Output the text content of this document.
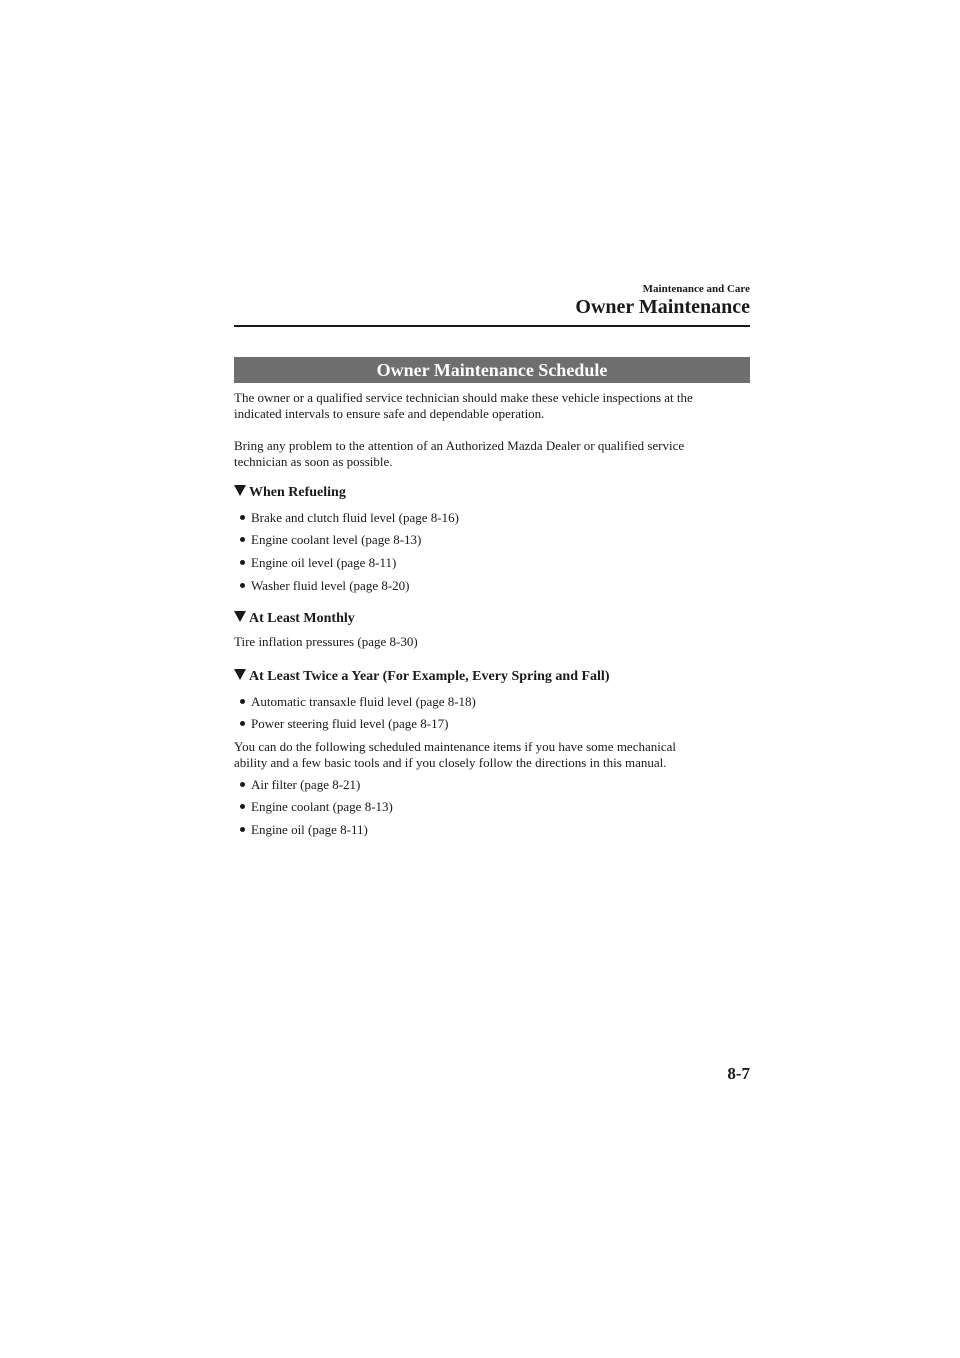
Maintenance and Care
Owner Maintenance
Owner Maintenance Schedule

The owner or a qualified service technician should make these vehicle inspections at the
indicated intervals to ensure safe and dependable operation.

Bring any problem to the attention of an Authorized Mazda Dealer or qualified service
technician as soon as possible.

When Refueling
Brake and clutch fluid level (page 8-16)
Engine coolant level (page 8-13)
Engine oil level (page 8-11)
Washer fluid level (page 8-20)
At Least Monthly

Tire inflation pressures (page 8-30)

At Least Twice a Year (For Example, Every Spring and Fall)
Automatic transaxle fluid level (page 8-18)
Power steering fluid level (page 8-17)

You can do the following scheduled maintenance items if you have some mechanical
ability and a few basic tools and if you closely follow the directions in this manual.

Air filter (page 8-21)
Engine coolant (page 8-13)
Engine oil (page 8-11)
8-7
